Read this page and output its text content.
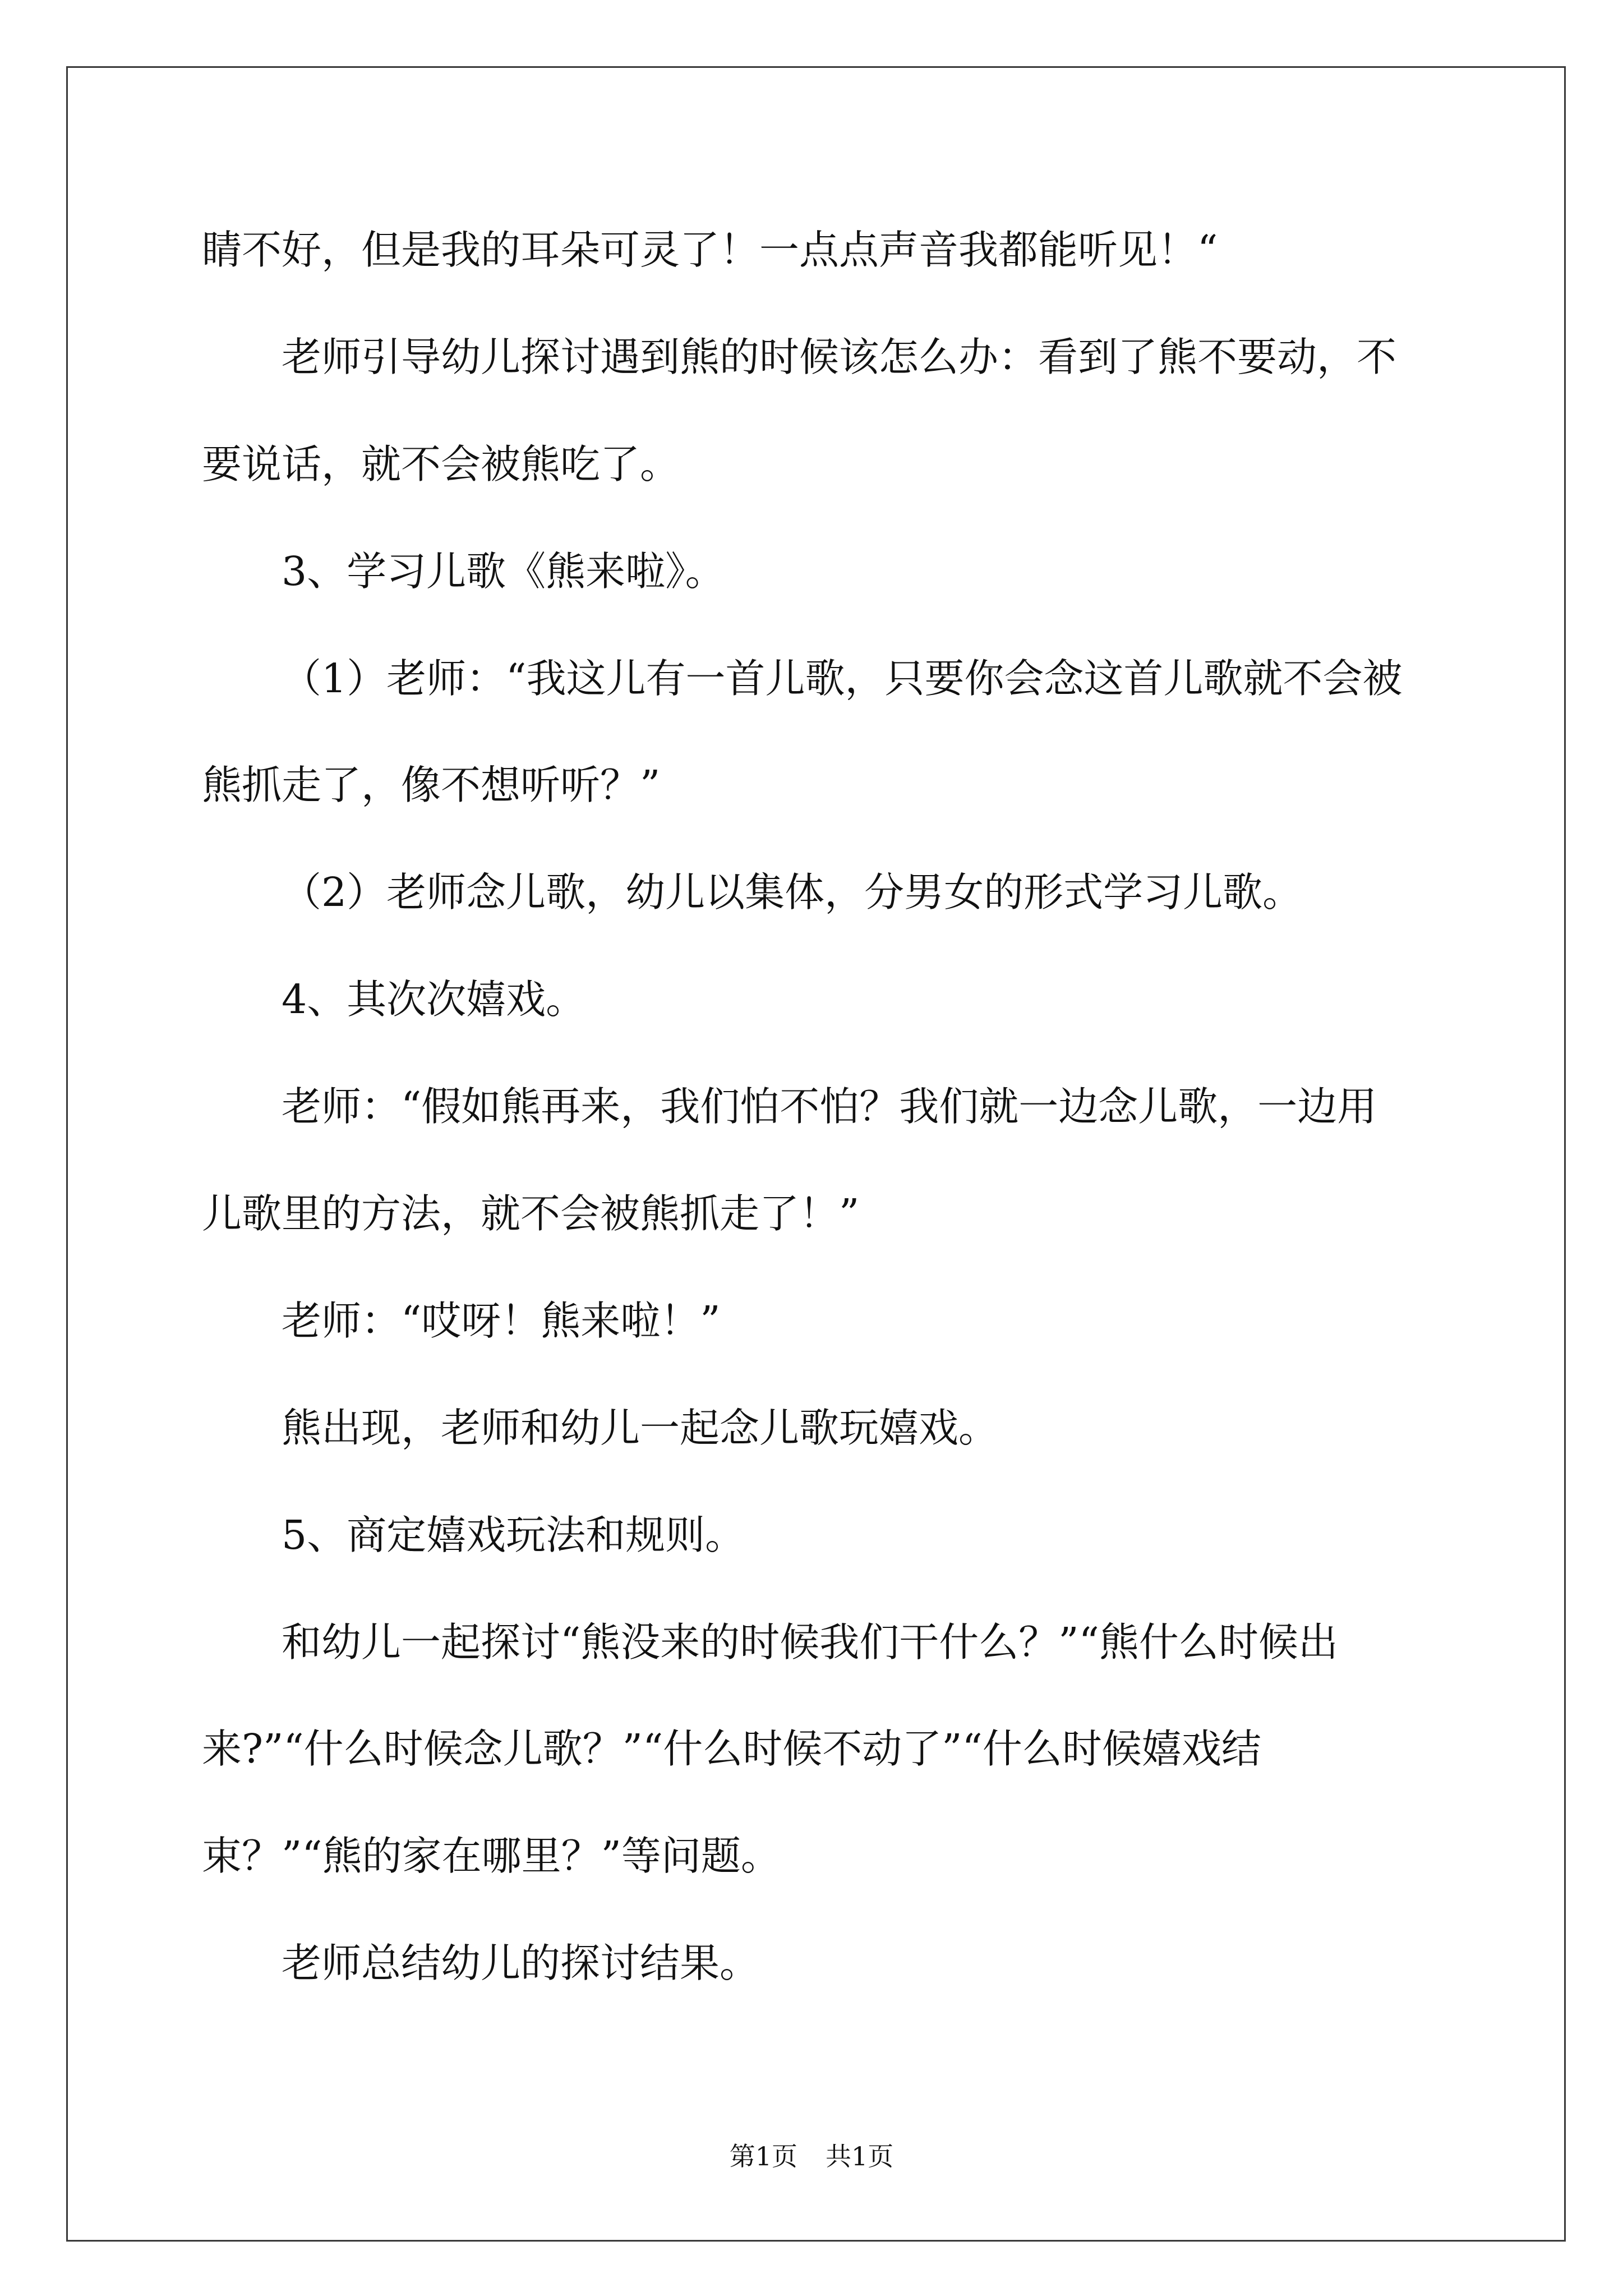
睛不好，但是我的耳朵可灵了！一点点声音我都能听见！“
老师引导幼儿探讨遇到熊的时候该怎么办：看到了熊不要动，不
要说话，就不会被熊吃了。
3、学习儿歌《熊来啦》。
（1）老师：“我这儿有一首儿歌，只要你会念这首儿歌就不会被
熊抓走了，像不想听听？”
（2）老师念儿歌，幼儿以集体，分男女的形式学习儿歌。
4、其次次嬉戏。
老师：“假如熊再来，我们怕不怕？我们就一边念儿歌，一边用
儿歌里的方法，就不会被熊抓走了！”
老师：“哎呀！熊来啦！”
熊出现，老师和幼儿一起念儿歌玩嬉戏。
5、商定嬉戏玩法和规则。
和幼儿一起探讨“熊没来的时候我们干什么？”“熊什么时候出
来?”“什么时候念儿歌？”“什么时候不动了”“什么时候嬉戏结
束？”“熊的家在哪里？”等问题。
老师总结幼儿的探讨结果。
第1页 共1页
